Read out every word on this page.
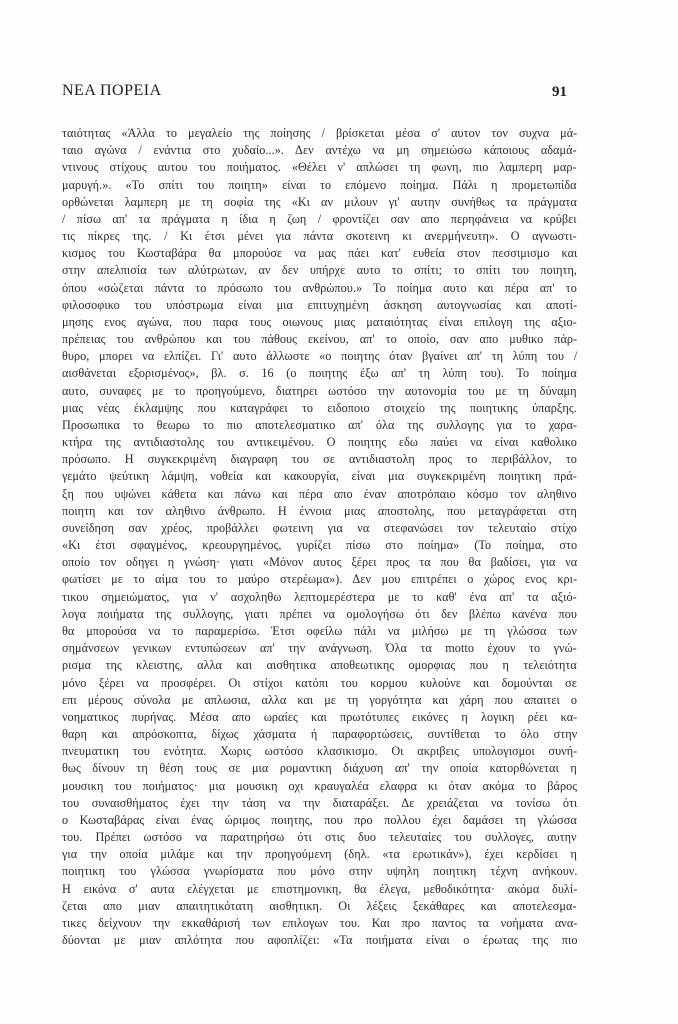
ΝΕΑ ΠΟΡΕΙΑ	91
ταιότητας «Άλλα το μεγαλείο της ποίησης / βρίσκεται μέσα σ' αυτον τον συχνα μά-
ταιο αγώνα / ενάντια στο χυδαίο...». Δεν αντέχω να μη σημειώσω κάποιους αδαμά-
ντινους στίχους αυτου του ποιήματος. «Θέλει ν' απλώσει τη φωνη, πιο λαμπερη μαρ-
μαρυγή.». «Το σπίτι του ποιητη» είναι το επόμενο ποίημα. Πάλι η προμετωπίδα
ορθώνεται λαμπερη με τη σοφία της «Κι αν μιλουν γι' αυτην συνήθως τα πράγματα
/ πίσω απ' τα πράγματα η ίδια η ζωη / φροντίζει σαν απο περηφάνεια να κρύβει
τις πίκρες της. / Κι έτσι μένει για πάντα σκοτεινη κι ανερμήνευτη». Ο αγνωστι-
κισμος του Κωσταβάρα θα μπορούσε να μας πάει κατ' ευθεία στον πεσσιμισμο και
στην απελπισία των αλύτρωτων, αν δεν υπήρχε αυτο το σπίτι; το σπίτι του ποιητη,
όπου «σώζεται πάντα το πρόσωπο του ανθρώπου.» Το ποίημα αυτο και πέρα απ' το
φιλοσοφικο του υπόστρωμα είναι μια επιτυχημένη άσκηση αυτογνωσίας και αποτί-
μησης ενος αγώνα, που παρα τους οιωνους μιας ματαιότητας είναι επιλογη της αξιο-
πρέπειας του ανθρώπου και του πάθους εκείνου, απ' το οποίο, σαν απο μυθικο πάρ-
θυρο, μπορει να ελπίζει. Γι' αυτο άλλωστε «ο ποιητης όταν βγαίνει απ' τη λύπη του /
αισθάνεται εξορισμένος», βλ. σ. 16 (ο ποιητης έξω απ' τη λύπη του). Το ποίημα
αυτο, συναφες με το προηγούμενο, διατηρει ωστόσο την αυτονομία του με τη δύναμη
μιας νέας έκλαμψης που καταγράφει το ειδοποιο στοιχείο της ποιητικης ύπαρξης.
Προσωπικα το θεωρω το πιο αποτελεσματικο απ' όλα της συλλογης για το χαρα-
κτήρα της αντιδιαστολης του αντικειμένου. Ο ποιητης εδω παύει να είναι καθολικο
πρόσωπο. Η συγκεκριμένη διαγραφη του σε αντιδιαστολη προς το περιβάλλον, το
γεμάτο ψεύτικη λάμψη, νοθεία και κακουργία, είναι μια συγκεκριμένη ποιητικη πρά-
ξη που υψώνει κάθετα και πάνω και πέρα απο έναν αποτρόπαιο κόσμο τον αληθινο
ποιητη και τον αληθινο άνθρωπο. Η έννοια μιας αποστολης, που μεταγράφεται στη
συνείδηση σαν χρέος, προβάλλει φωτεινη για να στεφανώσει τον τελευταίο στίχο
«Κι έτσι σφαγμένος, κρεουργημένος, γυρίζει πίσω στο ποίημα» (Το ποίημα, στο
οποίο τον οδηγει η γνώση· γιατι «Μόνον αυτος ξέρει προς τα που θα βαδίσει, για να
φωτίσει με το αίμα του το μαύρο στερέωμα»). Δεν μου επιτρέπει ο χώρος ενος κρι-
τικου σημειώματος, για ν' ασχοληθω λεπτομερέστερα με το καθ' ένα απ' τα αξιό-
λογα ποιήματα της συλλογης, γιατι πρέπει να ομολογήσω ότι δεν βλέπω κανένα που
θα μπορούσα να το παραμερίσω. Έτσι οφείλω πάλι να μιλήσω με τη γλώσσα των
σημάνσεων γενικων εντυπώσεων απ' την ανάγνωση. Όλα τα motto έχουν το γνώ-
ρισμα της κλειστης, αλλα και αισθητικα αποθεωτικης ομορφιας που η τελειότητα
μόνο ξέρει να προσφέρει. Οι στίχοι κατόπι του κορμου κυλούνε και δομούνται σε
επι μέρους σύνολα με απλωσια, αλλα και με τη γοργότητα και χάρη που απαιτει ο
νοηματικος πυρήνας. Μέσα απο ωραίες και πρωτότυπες εικόνες η λογικη ρέει κα-
θαρη και απρόσκοπτα, δίχως χάσματα ή παραφορτώσεις, συντίθεται το όλο στην
πνευματικη του ενότητα. Χωρις ωστόσο κλασικισμο. Οι ακριβεις υπολογισμοι συνή-
θως δίνουν τη θέση τους σε μια ρομαντικη διάχυση απ' την οποία κατορθώνεται η
μουσικη του ποιήματος· μια μουσικη οχι κραυγαλέα ελαφρα κι όταν ακόμα το βάρος
του συναισθήματος έχει την τάση να την διαταράξει. Δε χρειάζεται να τονίσω ότι
ο Κωσταβάρας είναι ένας ώριμος ποιητης, που προ πολλου έχει δαμάσει τη γλώσσα
του. Πρέπει ωστόσο να παρατηρήσω ότι στις δυο τελευταίες του συλλογες, αυτην
για την οποία μιλάμε και την προηγούμενη (δηλ. «τα ερωτικάν»), έχει κερδίσει η
ποιητικη του γλώσσα γνωρίσματα που μόνο στην υψηλη ποιητικη τέχνη ανήκουν.
Η εικόνα σ' αυτα ελέγχεται με επιστημονικη, θα έλεγα, μεθοδικότητα· ακόμα δυλί-
ζεται απο μιαν απαιτητικότατη αισθητικη. Οι λέξεις ξεκάθαρες και αποτελεσμα-
τικες δείχνουν την εκκαθάρισή των επιλογων του. Και προ παντος τα νοήματα ανα-
δύονται με μιαν απλότητα που αφοπλίζει: «Τα ποιήματα είναι ο έρωτας της πιο
